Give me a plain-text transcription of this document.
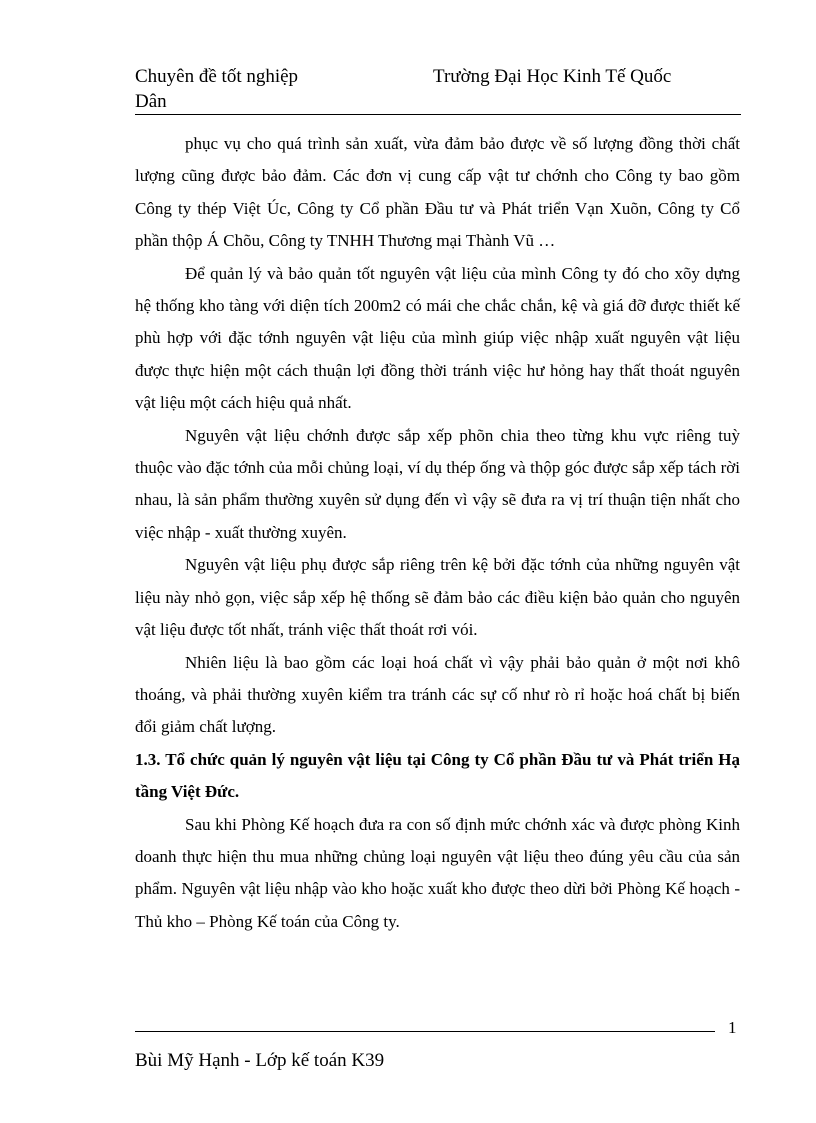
Chuyên đề tốt nghiệp	Trường Đại Học Kinh Tế Quốc
Dân

phục vụ cho quá trình sản xuất, vừa đảm bảo được về số lượng đồng thời chất lượng cũng được bảo đảm. Các đơn vị cung cấp vật tư chớnh cho Công ty bao gồm Công ty thép Việt Úc, Công ty Cổ phần Đầu tư và Phát triển Vạn Xuõn, Công ty Cổ phần thộp Á Chõu, Công ty TNHH Thương mại Thành Vũ …

Để quản lý và bảo quản tốt nguyên vật liệu của mình Công ty đó cho xõy dựng hệ thống kho tàng với diện tích 200m2 có mái che chắc chắn, kệ và giá đỡ được thiết kế phù hợp với đặc tớnh nguyên vật liệu của mình giúp việc nhập xuất nguyên vật liệu được thực hiện một cách thuận lợi đồng thời tránh việc hư hỏng hay thất thoát nguyên vật liệu một cách hiệu quả nhất.

Nguyên vật liệu chớnh được sắp xếp phõn chia theo từng khu vực riêng tuỳ thuộc vào đặc tớnh của mỗi chủng loại, ví dụ thép ống và thộp góc được sắp xếp tách rời nhau, là sản phẩm thường xuyên sử dụng đến vì vậy sẽ đưa ra vị trí thuận tiện nhất cho việc nhập - xuất thường xuyên.

Nguyên vật liệu phụ được sắp riêng trên kệ bởi đặc tớnh của những nguyên vật liệu này nhỏ gọn, việc sắp xếp hệ thống sẽ đảm bảo các điều kiện bảo quản cho nguyên vật liệu được tốt nhất, tránh việc thất thoát rơi vói.

Nhiên liệu là bao gồm các loại hoá chất vì vậy phải bảo quản ở một nơi khô thoáng, và phải thường xuyên kiểm tra tránh các sự cố như rò rỉ hoặc hoá chất bị biến đổi giảm chất lượng.

1.3. Tổ chức quản lý nguyên vật liệu tại Công ty Cổ phần Đầu tư và Phát triển Hạ tầng Việt Đức.

Sau khi Phòng Kế hoạch đưa ra con số định mức chớnh xác và được phòng Kinh doanh thực hiện thu mua những chủng loại nguyên vật liệu theo đúng yêu cầu của sản phẩm. Nguyên vật liệu nhập vào kho hoặc xuất kho được theo dừi bởi Phòng Kế hoạch - Thủ kho – Phòng Kế toán của Công ty.

1
Bùi Mỹ Hạnh - Lớp kế toán K39
